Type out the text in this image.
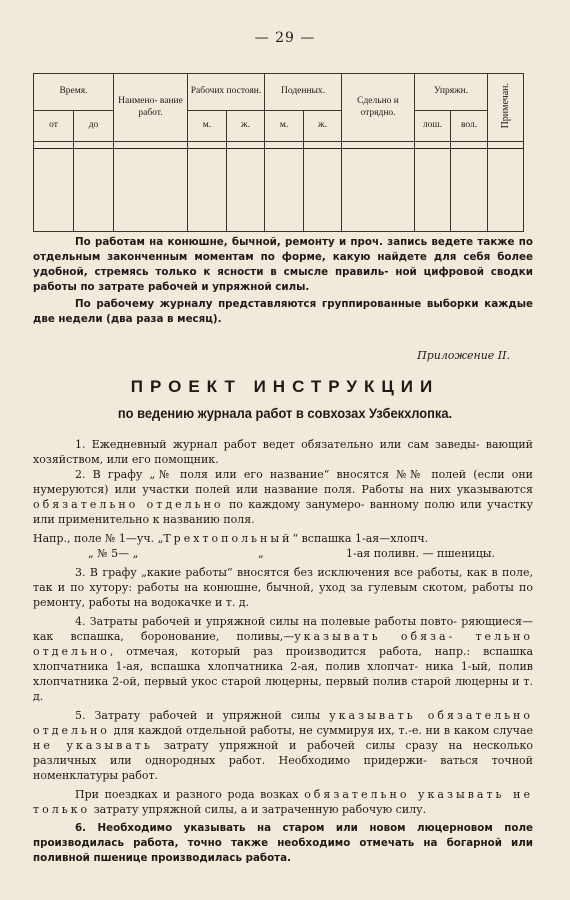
— 29 —
Время.		Наимено- вание работ.	Рабочих постоян.		Поденных.		Сдельно и отрядно.	Упряжн.		Примечан.
от	до		м.	ж.	м.	ж.		лош.	вол.	

По работам на конюшне, бычной, ремонту и проч. запись ведете также по отдельным законченным моментам по форме, какую найдете для себя более удобной, стремясь только к ясности в смысле правиль- ной цифровой сводки работы по затрате рабочей и упряжной силы.

По рабочему журналу представляются группированные выборки каждые две недели (два раза в месяц).

Приложение II.
ПРОЕКТ ИНСТРУКЦИИ
по ведению журнала работ в совхозах Узбекхлопка.

1. Ежедневный журнал работ ведет обязательно или сам заведы- вающий хозяйством, или его помощник.

2. В графу „№ поля или его название“ вносятся №№ полей (если они нумеруются) или участки полей или название поля. Работы на них указываются обязательно отдельно по каждому занумеро- ванному полю или участку или применительно к названию поля.

Напр., поле № 1—уч. „Трехтопольный“ вспашка 1-ая—хлопч.

„ № 5— „	„	1-ая поливн. — пшеницы.

3. В графу „какие работы“ вносятся без исключения все работы, как в поле, так и по хутору: работы на конюшне, бычной, уход за гулевым скотом, работы по ремонту, работы на водокачке и т. д.

4. Затраты рабочей и упряжной силы на полевые работы повто- ряющиеся—как вспашка, боронование, поливы,—указывать обяза- тельно отдельно, отмечая, который раз производится работа, напр.: вспашка хлопчатника 1-ая, вспашка хлопчатника 2-ая, полив хлопчат- ника 1-ый, полив хлопчатника 2-ой, первый укос старой люцерны, первый полив старой люцерны и т. д.

5. Затрату рабочей и упряжной силы указывать обязательно отдельно для каждой отдельной работы, не суммируя их, т.-е. ни в каком случае не указывать затрату упряжной и рабочей силы сразу на несколько различных или однородных работ. Необходимо придержи- ваться точной номенклатуры работ.

При поездках и разного рода возках обязательно указывать не только затрату упряжной силы, а и затраченную рабочую силу.

6. Необходимо указывать на старом или новом люцерновом поле производилась работа, точно также необходимо отмечать на богарной или поливной пшенице производилась работа.
